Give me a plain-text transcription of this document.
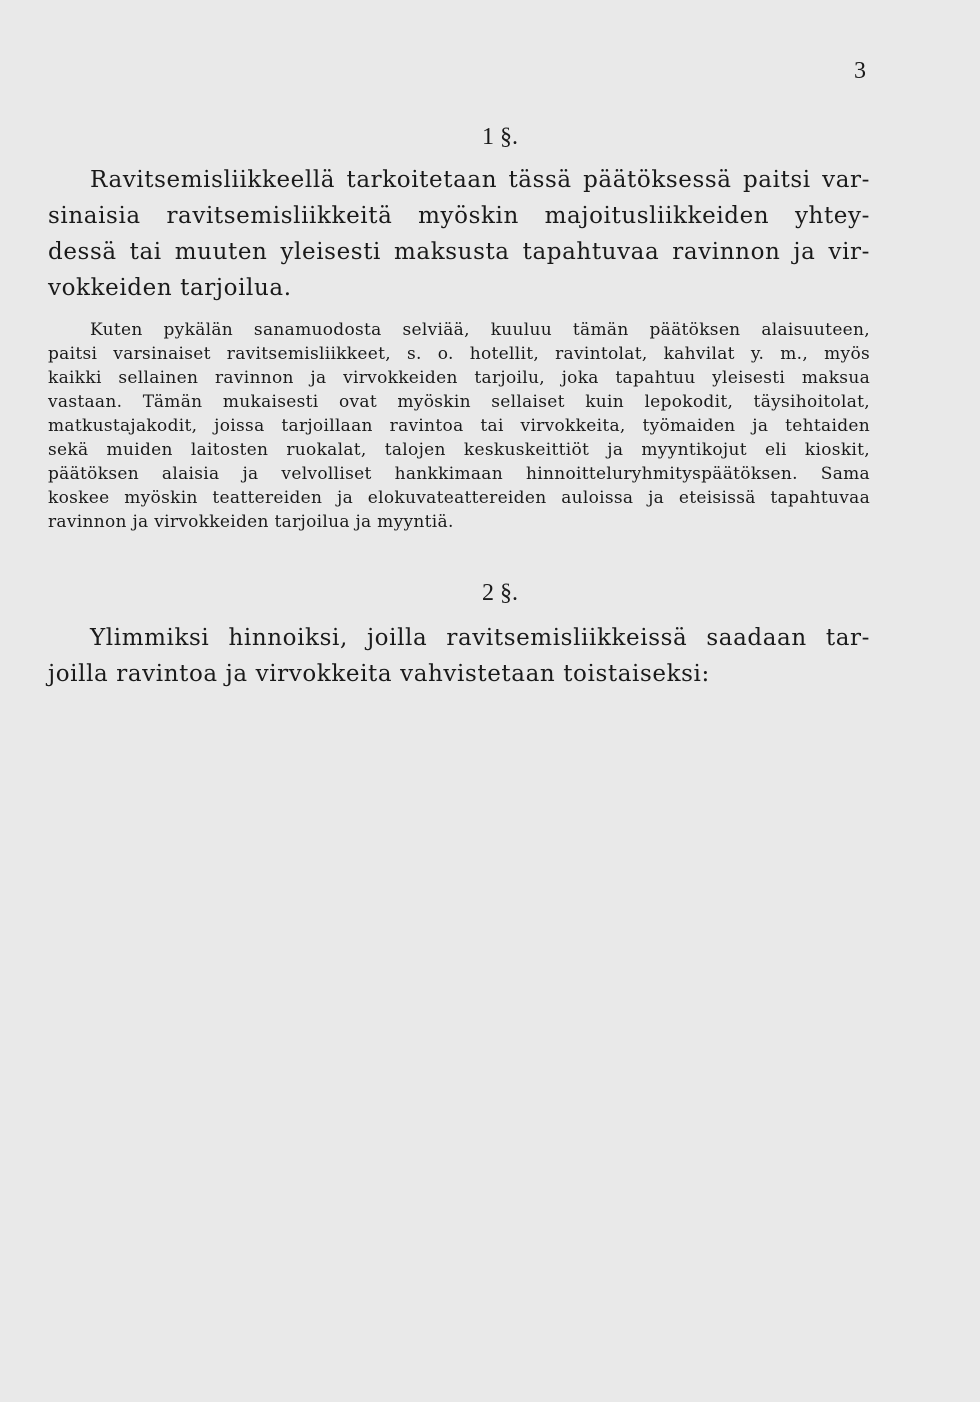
3
1 §.

Ravitsemisliikkeellä tarkoitetaan tässä päätöksessä paitsi var-
sinaisia ravitsemisliikkeitä myöskin majoitusliikkeiden yhtey-
dessä tai muuten yleisesti maksusta tapahtuvaa ravinnon ja vir-
vokkeiden tarjoilua.

Kuten pykälän sanamuodosta selviää, kuuluu tämän päätöksen alaisuuteen,
paitsi varsinaiset ravitsemisliikkeet, s. o. hotellit, ravintolat, kahvilat y. m., myös
kaikki sellainen ravinnon ja virvokkeiden tarjoilu, joka tapahtuu yleisesti maksua
vastaan. Tämän mukaisesti ovat myöskin sellaiset kuin lepokodit, täysihoitolat,
matkustajakodit, joissa tarjoillaan ravintoa tai virvokkeita, työmaiden ja tehtaiden
sekä muiden laitosten ruokalat, talojen keskuskeittiöt ja myyntikojut eli kioskit,
päätöksen alaisia ja velvolliset hankkimaan hinnoitteluryhmityspäätöksen. Sama
koskee myöskin teattereiden ja elokuvateattereiden auloissa ja eteisissä tapahtuvaa
ravinnon ja virvokkeiden tarjoilua ja myyntiä.

2 §.

Ylimmiksi hinnoiksi, joilla ravitsemisliikkeissä saadaan tar-
joilla ravintoa ja virvokkeita vahvistetaan toistaiseksi:
